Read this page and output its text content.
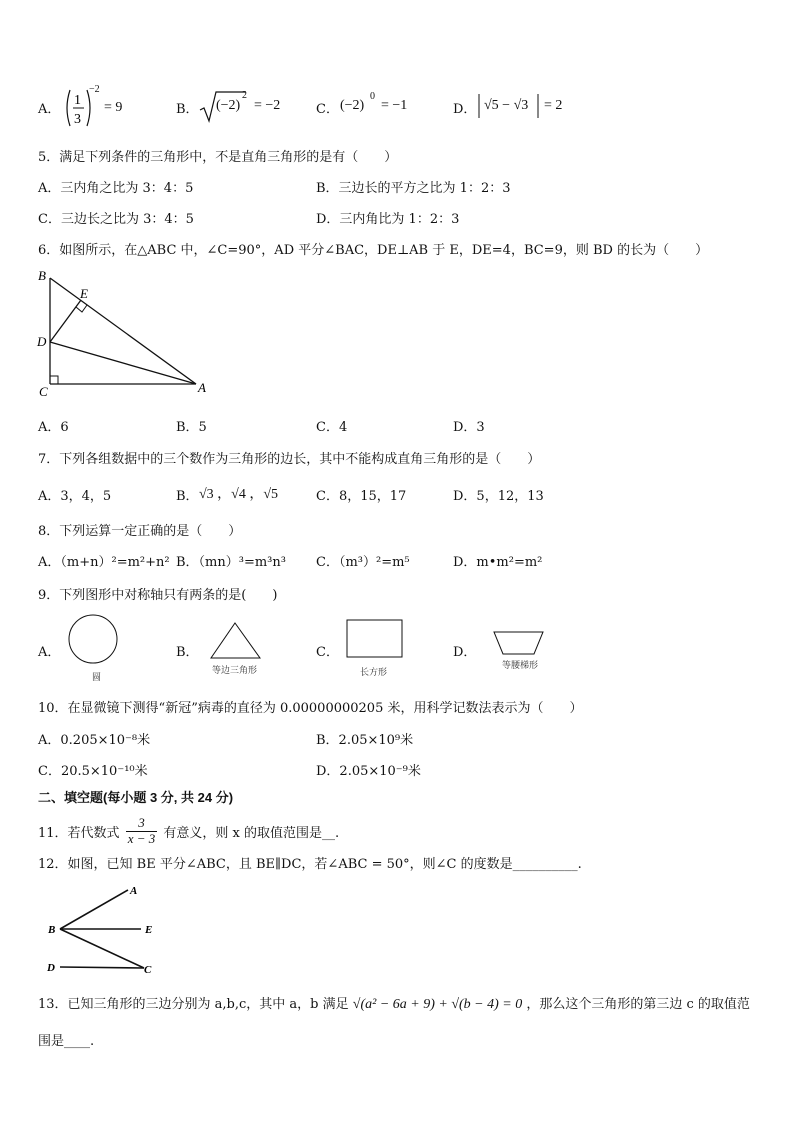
A．
1
3
−2
= 9	B． (−2)
2
= −2	C． (−2)
0
= −1	D． √5 − √3 = 2
5．满足下列条件的三角形中，不是直角三角形的是有（　　）
A．三内角之比为 3：4：5	B．三边长的平方之比为 1：2：3
C．三边长之比为 3：4：5	D．三内角比为 1：2：3
6．如图所示，在△ABC 中，∠C=90°，AD 平分∠BAC，DE⊥AB 于 E，DE=4，BC=9，则 BD 的长为（　　）
B
E
D
C	A
A．6	B．5	C．4	D．3
7．下列各组数据中的三个数作为三角形的边长，其中不能构成直角三角形的是（　　）
A．3，4，5	B． √3 ，√4 ，√5	C．8，15，17	D．5，12，13
8．下列运算一定正确的是（　　）
A．（m+n）²=m²+n² B．（mn）³=m³n³ C．（m³）²=m⁵	D．m•m²=m²
9．下列图形中对称轴只有两条的是(　　)
A．
圆
B．
等边三角形
C．
长方形
D．
等腰梯形
10．在显微镜下测得“新冠”病毒的直径为 0.00000000205 米，用科学记数法表示为（　　）
A．0.205×10⁻⁸米	B．2.05×10⁹米
C．20.5×10⁻¹⁰米	D．2.05×10⁻⁹米
二、填空题(每小题 3 分, 共 24 分)
11．若代数式 $\frac{3}{x - 3}$ 有意义，则 x 的取值范围是__.
12．如图，已知 BE 平分∠ABC，且 BE∥DC，若∠ABC = 50°，则∠C 的度数是__________.
A
B	E
D	C
13．已知三角形的三边分别为 a,b,c，其中 a，b 满足 √(a² − 6a + 9) + √(b − 4) = 0 ，那么这个三角形的第三边 c 的取值范
围是____.
